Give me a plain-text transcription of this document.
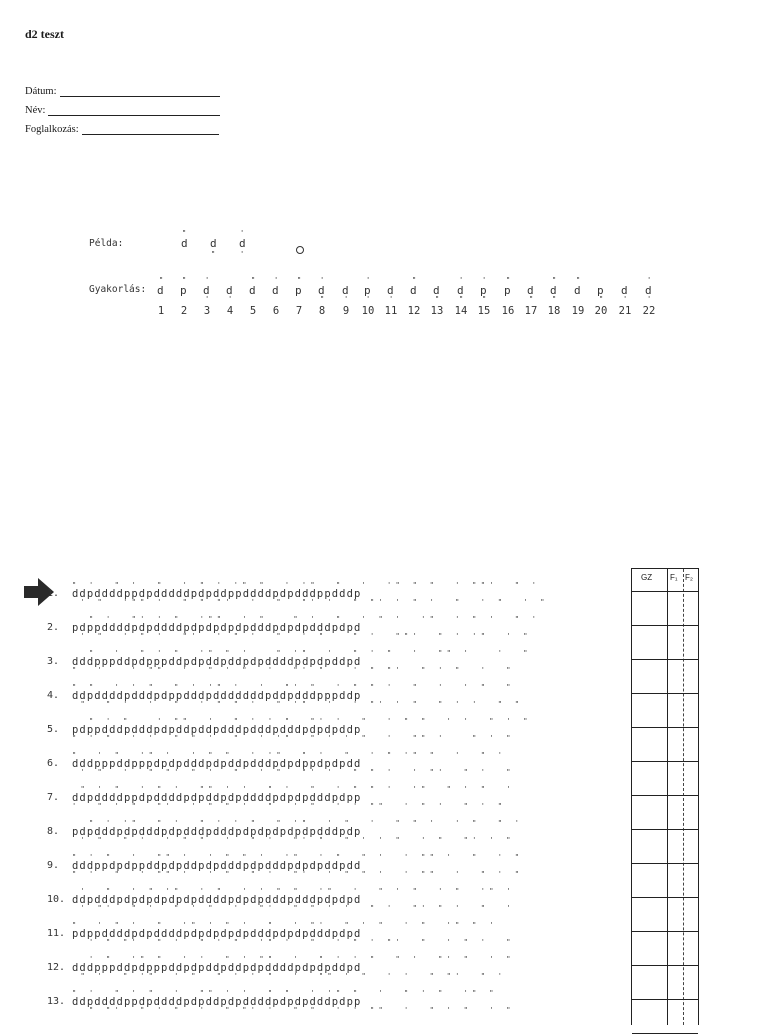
d2 teszt
Dátum:
Név:
Foglalkozás:
Példa:
"
d d
"
'
d
'
Gyakorlás:
"
d
1
"
p
2
'
d
'
3
d
'
4
"
d
5
'
d
6
"
p
7
'
d
"
8
d
'
9
'
p
'
10
d
'
11
"
d
12
d
"
13
'
d
"
14
'
p
"
15
"
p
16
d
"
17
"
d
"
18
"
d
19
p
"
20
d
'
21
'
d
'
22
1.
" '  " '  "  ' " ' '" "  ' '"  "  '  '" " "  ' ""'  " '
ddpddddppdpdddddpdpddppddddpdpdddppdddp
' "  '"" '  " " "'  '  "  "' '  " "' ' " '  "  ' "  ' "
2.
" '  "' ' "  '""  ' "   " '  "  ' " '  '"  ' " '  " '
pdppddddpdpddddpdpdpdpdpdddpdpdpdddpdpd
' "  ' " '  "'  ' " '  "  ' "   " '  ""'  " ' '"  ' "
3.
"  '  " ' "  '" " '   " '"  '  " ' "  '  "" '   '  "
dddpppddpdpppddpdpddpddpdpddddpdpdpddpd
"  '   ' ""  '  " ' "  '  "' "   ' " "'  " ' "  '  "
4.
" "  ' ' "  " ' '" '  '  "' "  ' " " '  "  '  ' "  "
ddpddddpdddpdppdddpdddddddpddpdddpppddp
"  " '  '  "  ' " " '  " '"  '  ' "' ' "  " ' '  " "
5.
" ' "   ' ""  '  " ' ' "  "' '  "  ' " "  ' '  " ' "
pdppdddpdddpdpddpddpdddpdddpdddpdpdpddp
" ' "  ' '  " " '  "  ' '"  " ' ' "  '  "" '   " ' "
6.
"  ' "  '" '  ' " "  ' '"  " '  "  ' " '" "  '  " '
dddpppddpppdpdpdddpdpddpdddpdpdppdpdpdd
' "  '  " "' " '  "  ' "  "' '  " " '  ' "'  " '  "
7.
" ' "  ' " '  "" ' '  " '  "  ' " " '  '"  " ' "  '
ddpddddppdpddddpdpddpdpddddpdpdpdddpdpp
'  " ' "  "'  ' " " '  "  ' "  ' ' ""  ' " '  " ' "
8.
" ' '"  " '  " ' ' "  " '"  ' "  '  " " '  ' "  " '
pdpdddpdpdddpdpdddpdddpdpdpdpdpdpdddpdp
' "  " '  ' " "  '  " '  "' "  " ' ' "  ' "  "' ' "
9.
" ' "  '  "" '  ' " " '  '"  ' "  " '  ' "" '  "  ' "
dddppdpdppddpdpddpdpdddpdpdddpdpdpddpdd
" '  "  ' "" '  ' "  " '  "'  ' " " '  ' ""  '  " ' "
10.
'  "  ' " '"  ' "  ' ' " "  '"  '  " ' "  ' "  '" '
ddpdddpdpdpdpdpdpddddpdpdpdddpdddpdpdpd
' "'  " '  " ' "  '  "'  " " ' '  " '  "' " '  "  '
11.
"  ' " '  "  '" ' " '  "  ' "'  " ' "  ' "  '" " '
pdppddddpdpddddpdpdpdpdpdddpdpdpdddpdpd
' " "'  " '  " ' "  '" '  "  ' " ' "'  "  ' " '  "
12.
' "  '" "  ' '  " ' ""  '  " ' ' "  " '  "' "  ' "
dddpppddpdpppddpdpddpddpdpddddpdpdpddpd
" '  " '"  ' "  " ' ' "  '  "" ' "  ' '  " "'  " '
13.
" '  " ' "  '  "" ' '  " "  ' '" "  '  " ' "  '" "
ddpddddppdpddddpdpddpdpddddpdpdpdddpdpp
" "'  " ' "  '  " "' '  " "  ' ' ""  '  " ' "  ' "
GZ F₁ F₂
